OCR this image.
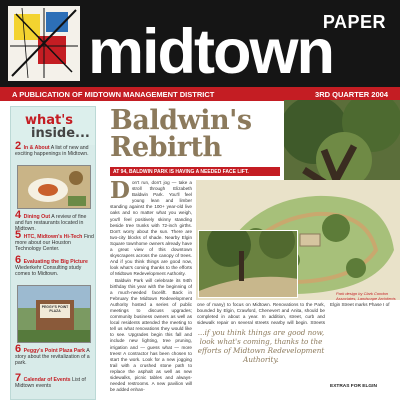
PAPER
midtown
A PUBLICATION OF MIDTOWN MANAGEMENT DISTRICT	3RD QUARTER 2004
what's
inside...
2 In & About A list of new and exciting happenings in Midtown.
4 Dining Out A review of fine and fun restaurants located in Midtown.
5 HTC, Midtown's Hi-Tech Find more about our Houston Technology Center.
6 Evaluating the Big Picture Wiederkehr Consulting study comes to Midtown.
PEGGY'S POINT PLAZA
6 Peggy's Point Plaza Park A story about the revitalization of a park.
7 Calendar of Events List of Midtown events
Baldwin's
Rebirth
AT 94, BALDWIN PARK IS HAVING A NEEDED FACE LIFT.
Don't run, don't jog — take a stroll through Elizabeth Baldwin Park. You'll feel young lean and limber standing against the 100+ year-old live oaks and no matter what you weigh, you'll feel positively skinny standing beside tree trunks with 72-inch girths. Don't worry about the sun. There are two-city blocks of shade. Nearby Elgin Square townhome owners already have a great view of this downtown skyscrapers across the canopy of trees. And if you think things are good now, look what's coming thanks to the efforts of Midtown Redevelopment Authority.

Baldwin Park will celebrate its 94th birthday this year with the beginning of a much-needed facelift. Back in February the Midtown Redevelopment Authority hosted a series of public meetings to discuss upgrades; community business owners as well as local residents attended the meeting to tell us what renovations they would like to see. Upgrades begin this fall and include new lighting, tree pruning, irrigation and — guess what — more trees! A contractor has been chosen to start the work. Look for a new jogging trail with a crushed stone path to replace the asphalt as well as new sidewalks, picnic tables and always-needed restrooms. A new pavilion will be added enhan-

Park design by Clark Condon Associates, Landscape Architects
one of many) to focus on Midtown. Renovations to the Park, bounded by Elgin, Crawford, Chenevert and Anita, should be completed in about a year. In addition, street, curb and sidewalk repair on several streets nearby will begin. Streets
...if you think things are good now, look what's coming, thanks to the efforts of Midtown Redevelopment Authority.
Elgin Street marks Phase I of
EXTRAS FOR ELGIN
